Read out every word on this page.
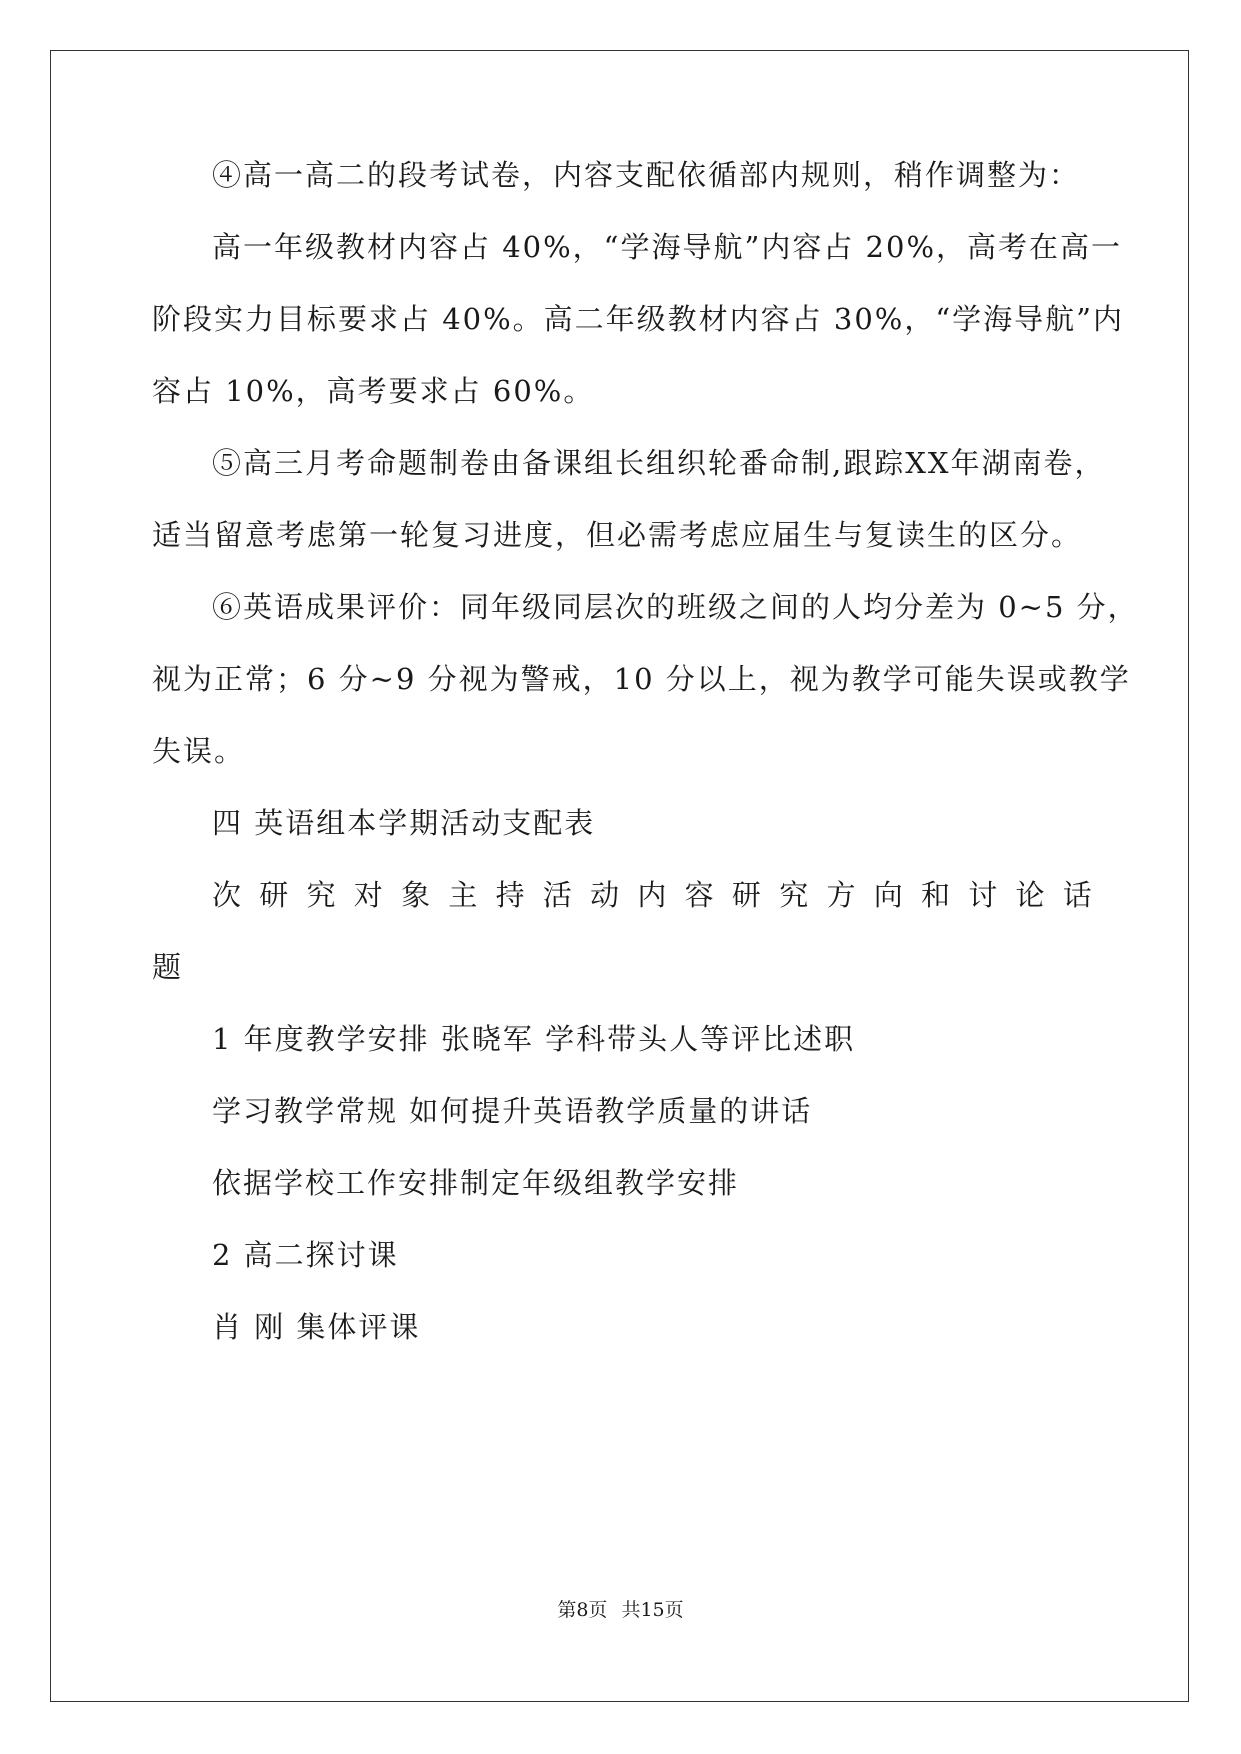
④高一高二的段考试卷，内容支配依循部内规则，稍作调整为：
高一年级教材内容占 40%，“学海导航”内容占 20%，高考在高一
阶段实力目标要求占 40%。高二年级教材内容占 30%，“学海导航”内
容占 10%，高考要求占 60%。
⑤高三月考命题制卷由备课组长组织轮番命制,跟踪XX年湖南卷，
适当留意考虑第一轮复习进度，但必需考虑应届生与复读生的区分。
⑥英语成果评价：同年级同层次的班级之间的人均分差为 0~5 分，
视为正常；6 分~9 分视为警戒，10 分以上，视为教学可能失误或教学
失误。
四 英语组本学期活动支配表
次 研 究 对 象 主 持 活 动 内 容 研 究 方 向 和 讨 论 话
题
1 年度教学安排 张晓军 学科带头人等评比述职
学习教学常规 如何提升英语教学质量的讲话
依据学校工作安排制定年级组教学安排
2 高二探讨课
肖 刚 集体评课
第8页 共15页
